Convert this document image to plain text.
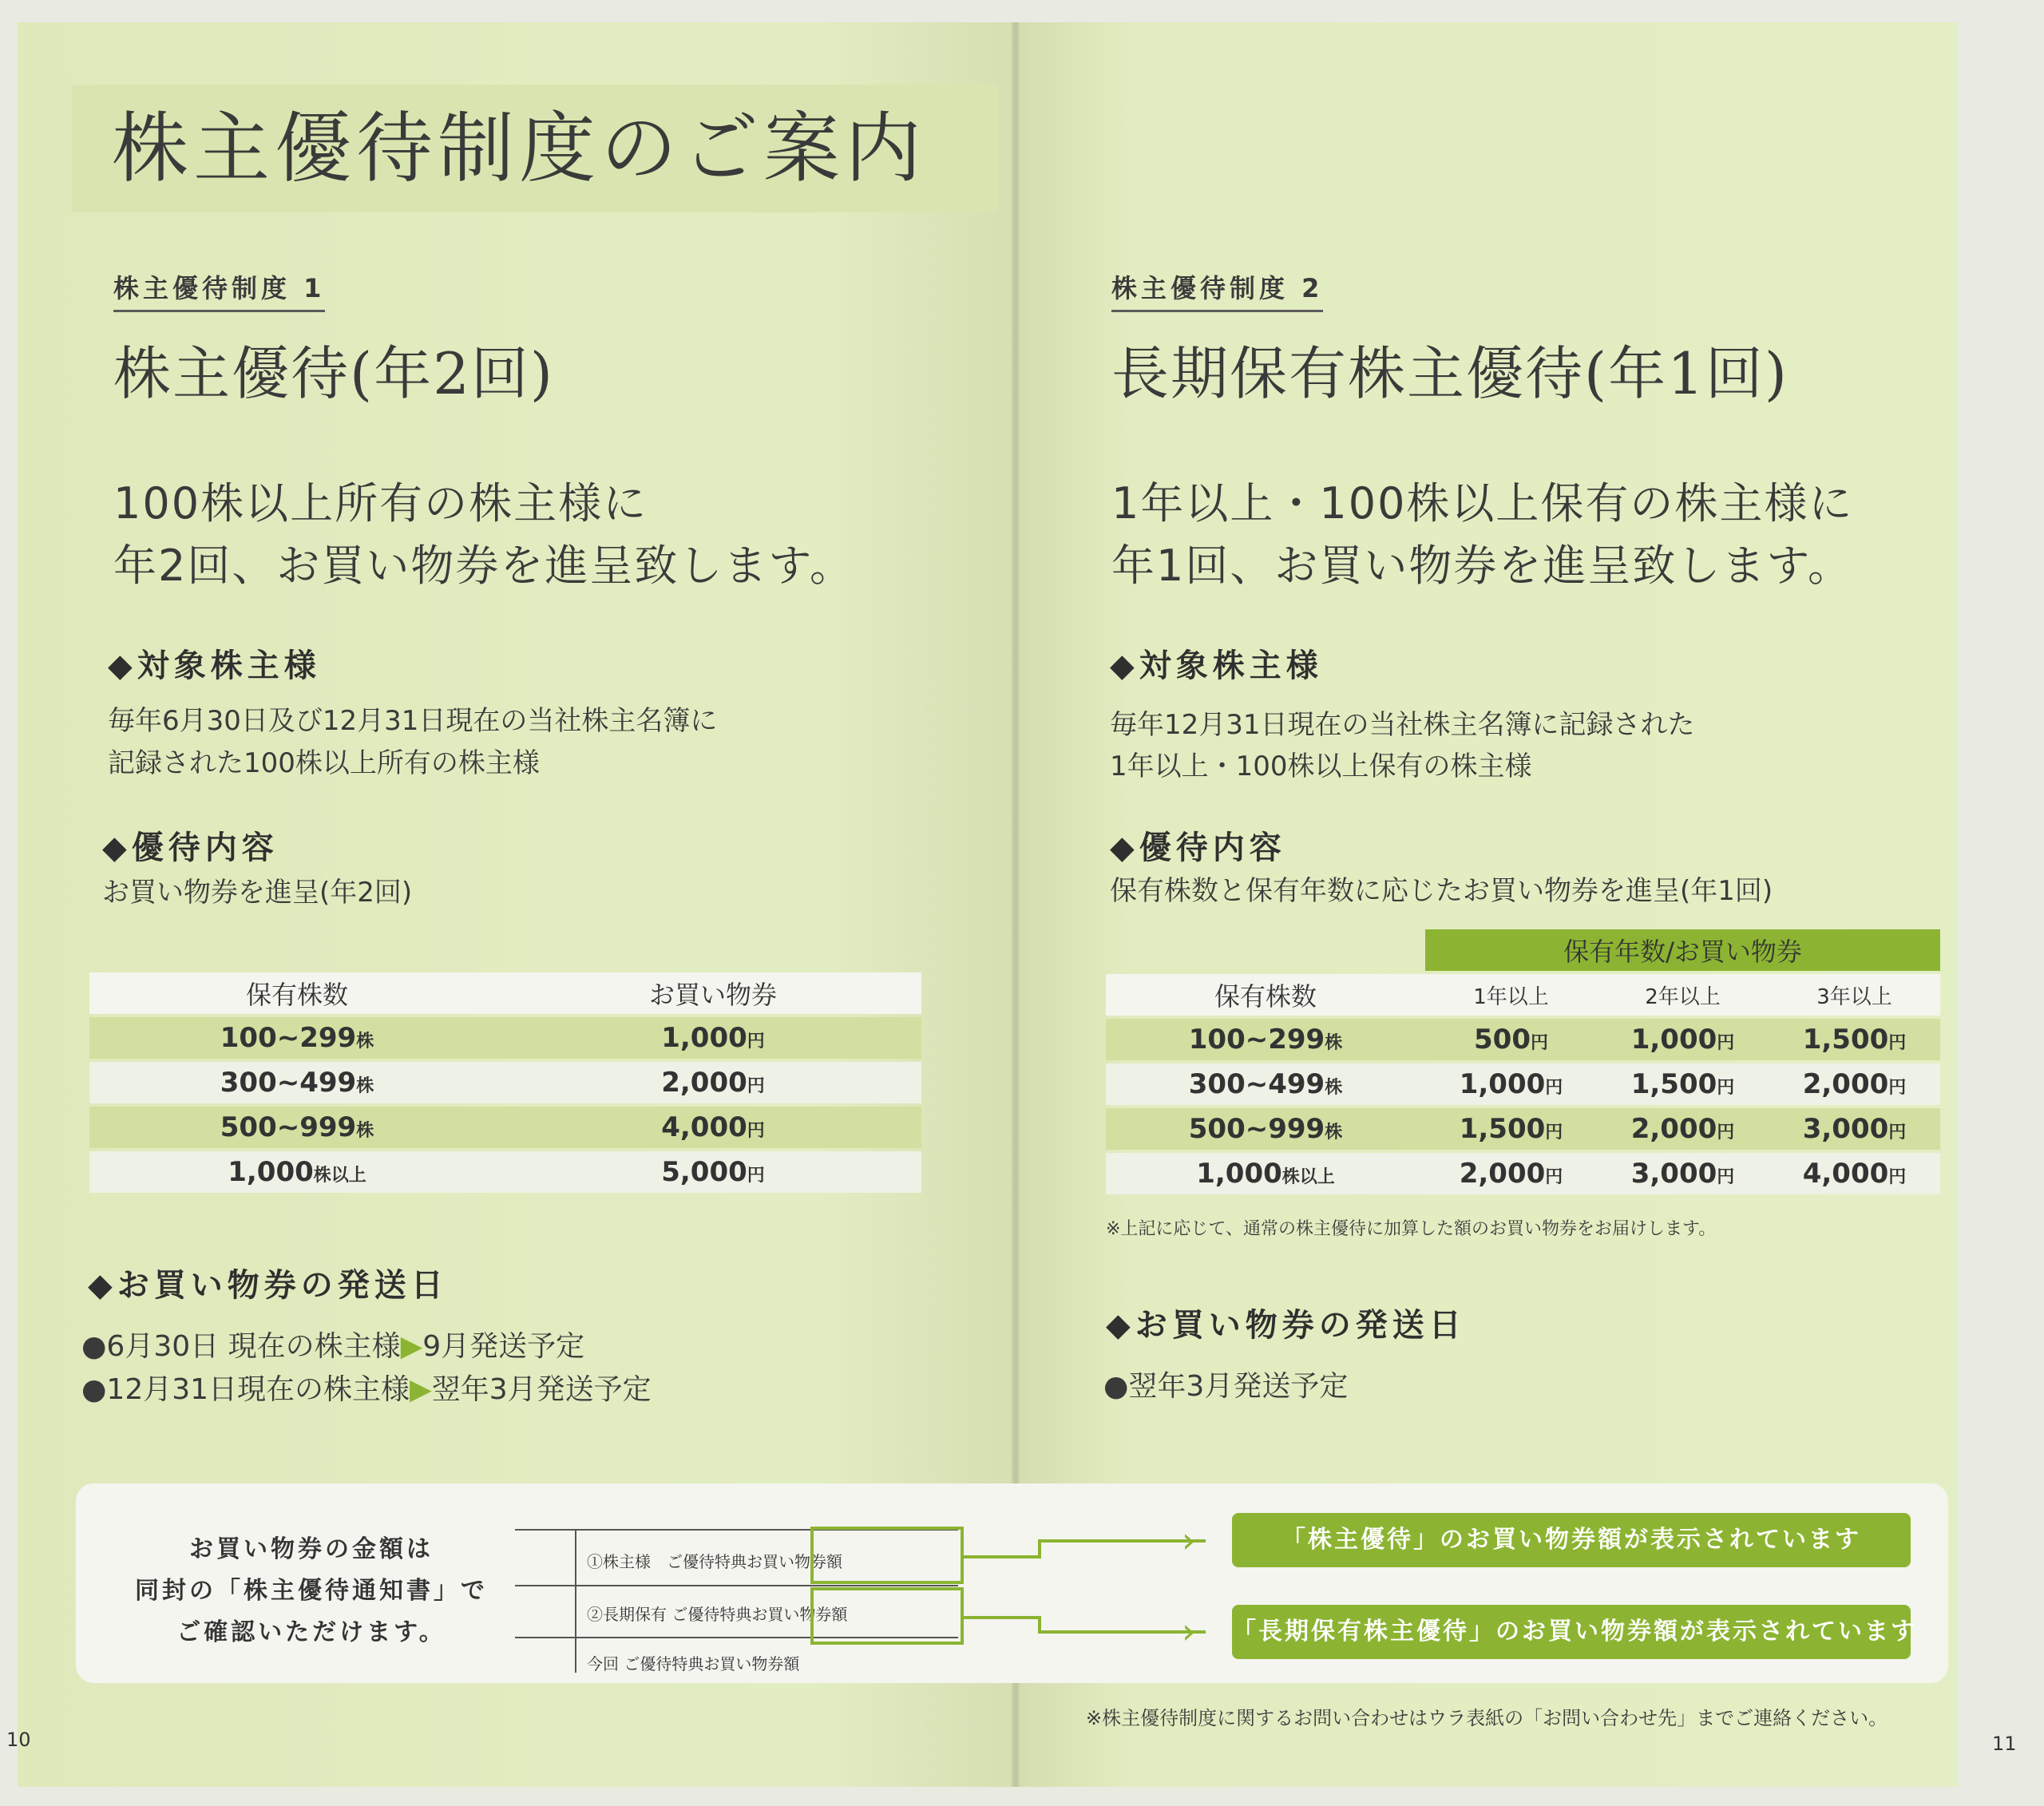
株主優待制度のご案内
株主優待制度 1
株主優待(年2回)
100株以上所有の株主様に
年2回、お買い物券を進呈致します。
◆対象株主様
毎年6月30日及び12月31日現在の当社株主名簿に
記録された100株以上所有の株主様
◆優待内容
お買い物券を進呈(年2回)
保有株数	お買い物券
100~299株	1,000円
300~499株	2,000円
500~999株	4,000円
1,000株以上	5,000円
◆お買い物券の発送日
●6月30日 現在の株主様▶9月発送予定
●12月31日現在の株主様▶翌年3月発送予定
株主優待制度 2
長期保有株主優待(年1回)
1年以上・100株以上保有の株主様に
年1回、お買い物券を進呈致します。
◆対象株主様
毎年12月31日現在の当社株主名簿に記録された
1年以上・100株以上保有の株主様
◆優待内容
保有株数と保有年数に応じたお買い物券を進呈(年1回)
	保有年数/お買い物券		
保有株数	1年以上	2年以上	3年以上
100~299株	500円	1,000円	1,500円
300~499株	1,000円	1,500円	2,000円
500~999株	1,500円	2,000円	3,000円
1,000株以上	2,000円	3,000円	4,000円
※上記に応じて、通常の株主優待に加算した額のお買い物券をお届けします。
◆お買い物券の発送日
●翌年3月発送予定
お買い物券の金額は
同封の「株主優待通知書」で
ご確認いただけます。
①株主様　ご優待特典お買い物券額
②長期保有 ご優待特典お買い物券額
今回 ご優待特典お買い物券額
›
›
「株主優待」のお買い物券額が表示されています
「長期保有株主優待」のお買い物券額が表示されています
※株主優待制度に関するお問い合わせはウラ表紙の「お問い合わせ先」までご連絡ください。
10	11
